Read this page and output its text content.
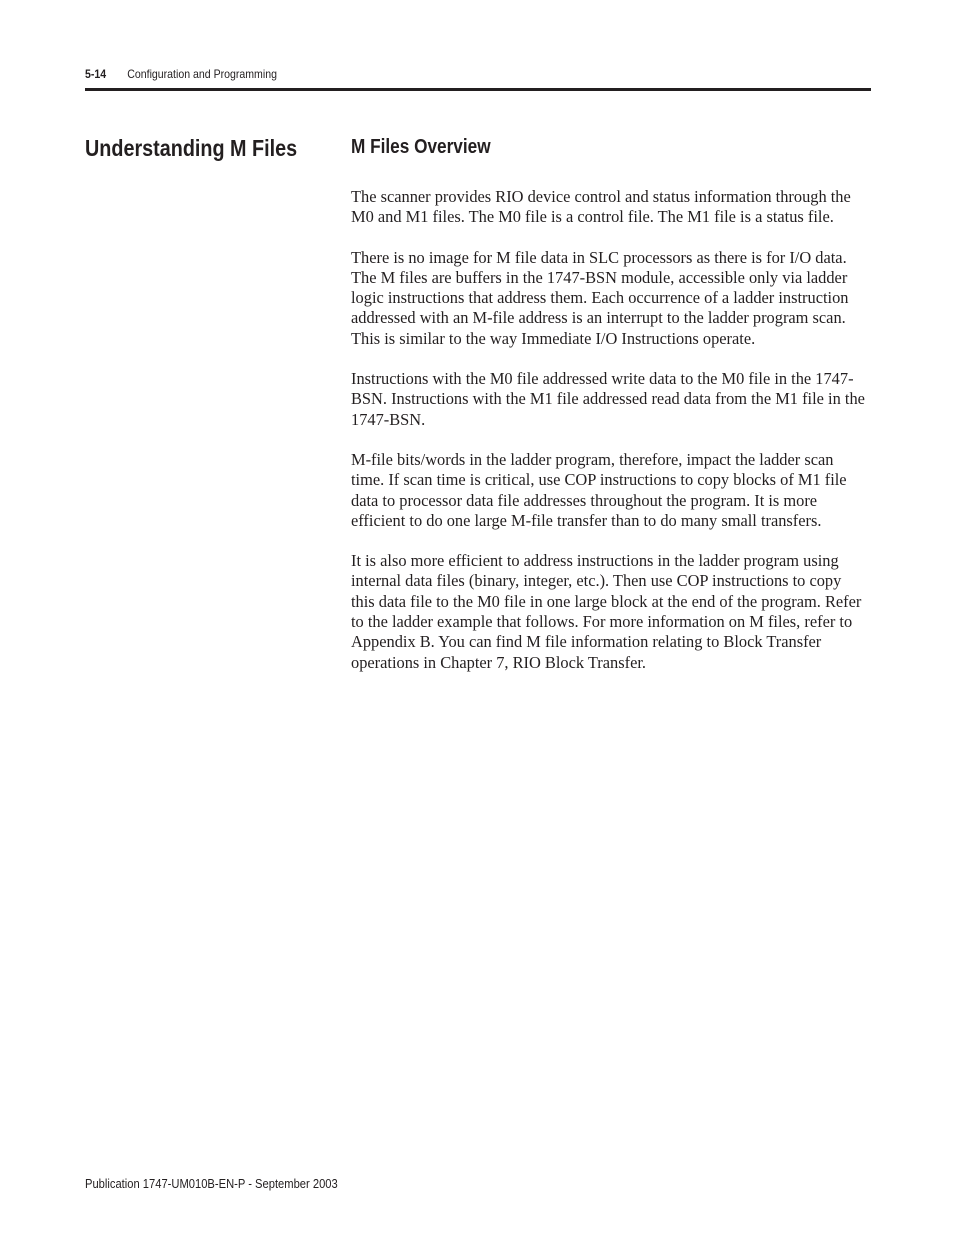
5-14 Configuration and Programming
Understanding M Files	M Files Overview

The scanner provides RIO device control and status information through the M0 and M1 files. The M0 file is a control file. The M1 file is a status file.

There is no image for M file data in SLC processors as there is for I/O data. The M files are buffers in the 1747-BSN module, accessible only via ladder logic instructions that address them. Each occurrence of a ladder instruction addressed with an M-file address is an interrupt to the ladder program scan. This is similar to the way Immediate I/O Instructions operate.

Instructions with the M0 file addressed write data to the M0 file in the 1747-BSN. Instructions with the M1 file addressed read data from the M1 file in the 1747-BSN.

M-file bits/words in the ladder program, therefore, impact the ladder scan time. If scan time is critical, use COP instructions to copy blocks of M1 file data to processor data file addresses throughout the program. It is more efficient to do one large M-file transfer than to do many small transfers.

It is also more efficient to address instructions in the ladder program using internal data files (binary, integer, etc.). Then use COP instructions to copy this data file to the M0 file in one large block at the end of the program. Refer to the ladder example that follows. For more information on M files, refer to Appendix B. You can find M file information relating to Block Transfer operations in Chapter 7, RIO Block Transfer.

Publication 1747-UM010B-EN-P - September 2003
